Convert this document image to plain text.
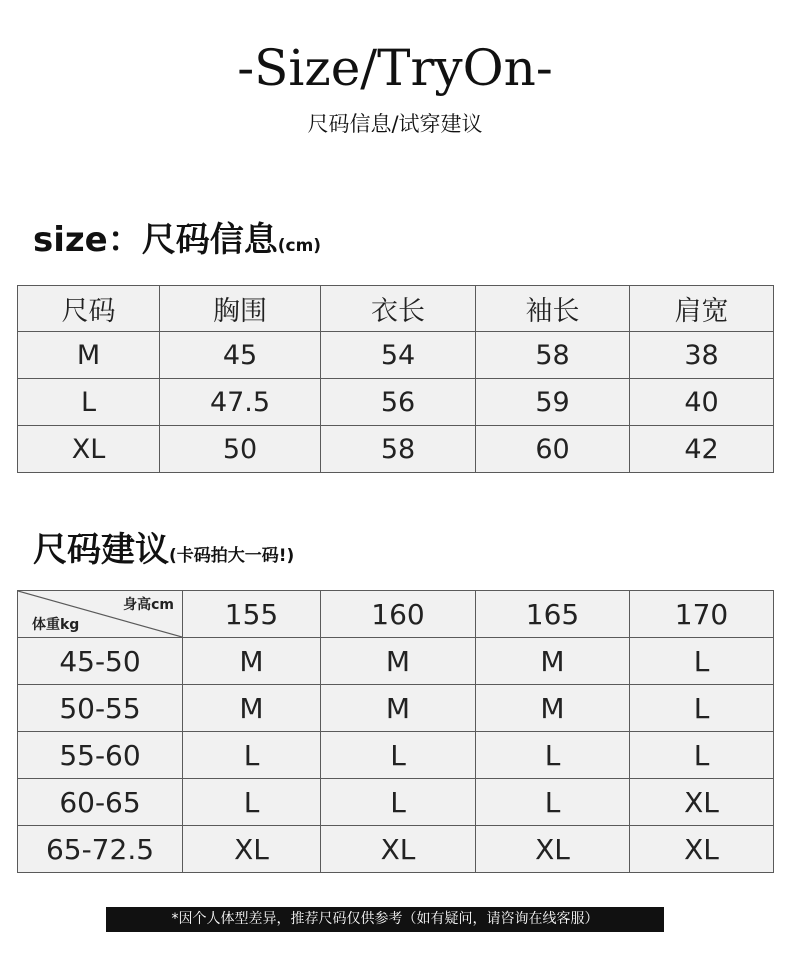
-Size/TryOn-
尺码信息/试穿建议
size：尺码信息(cm)
尺码	胸围	衣长	袖长	肩宽
M	45	54	58	38
L	47.5	56	59	40
XL	50	58	60	42
尺码建议(卡码拍大一码!)
身高cm
体重kg	155	160	165	170
45-50	M	M	M	L
50-55	M	M	M	L
55-60	L	L	L	L
60-65	L	L	L	XL
65-72.5	XL	XL	XL	XL
*因个人体型差异，推荐尺码仅供参考（如有疑问，请咨询在线客服）
